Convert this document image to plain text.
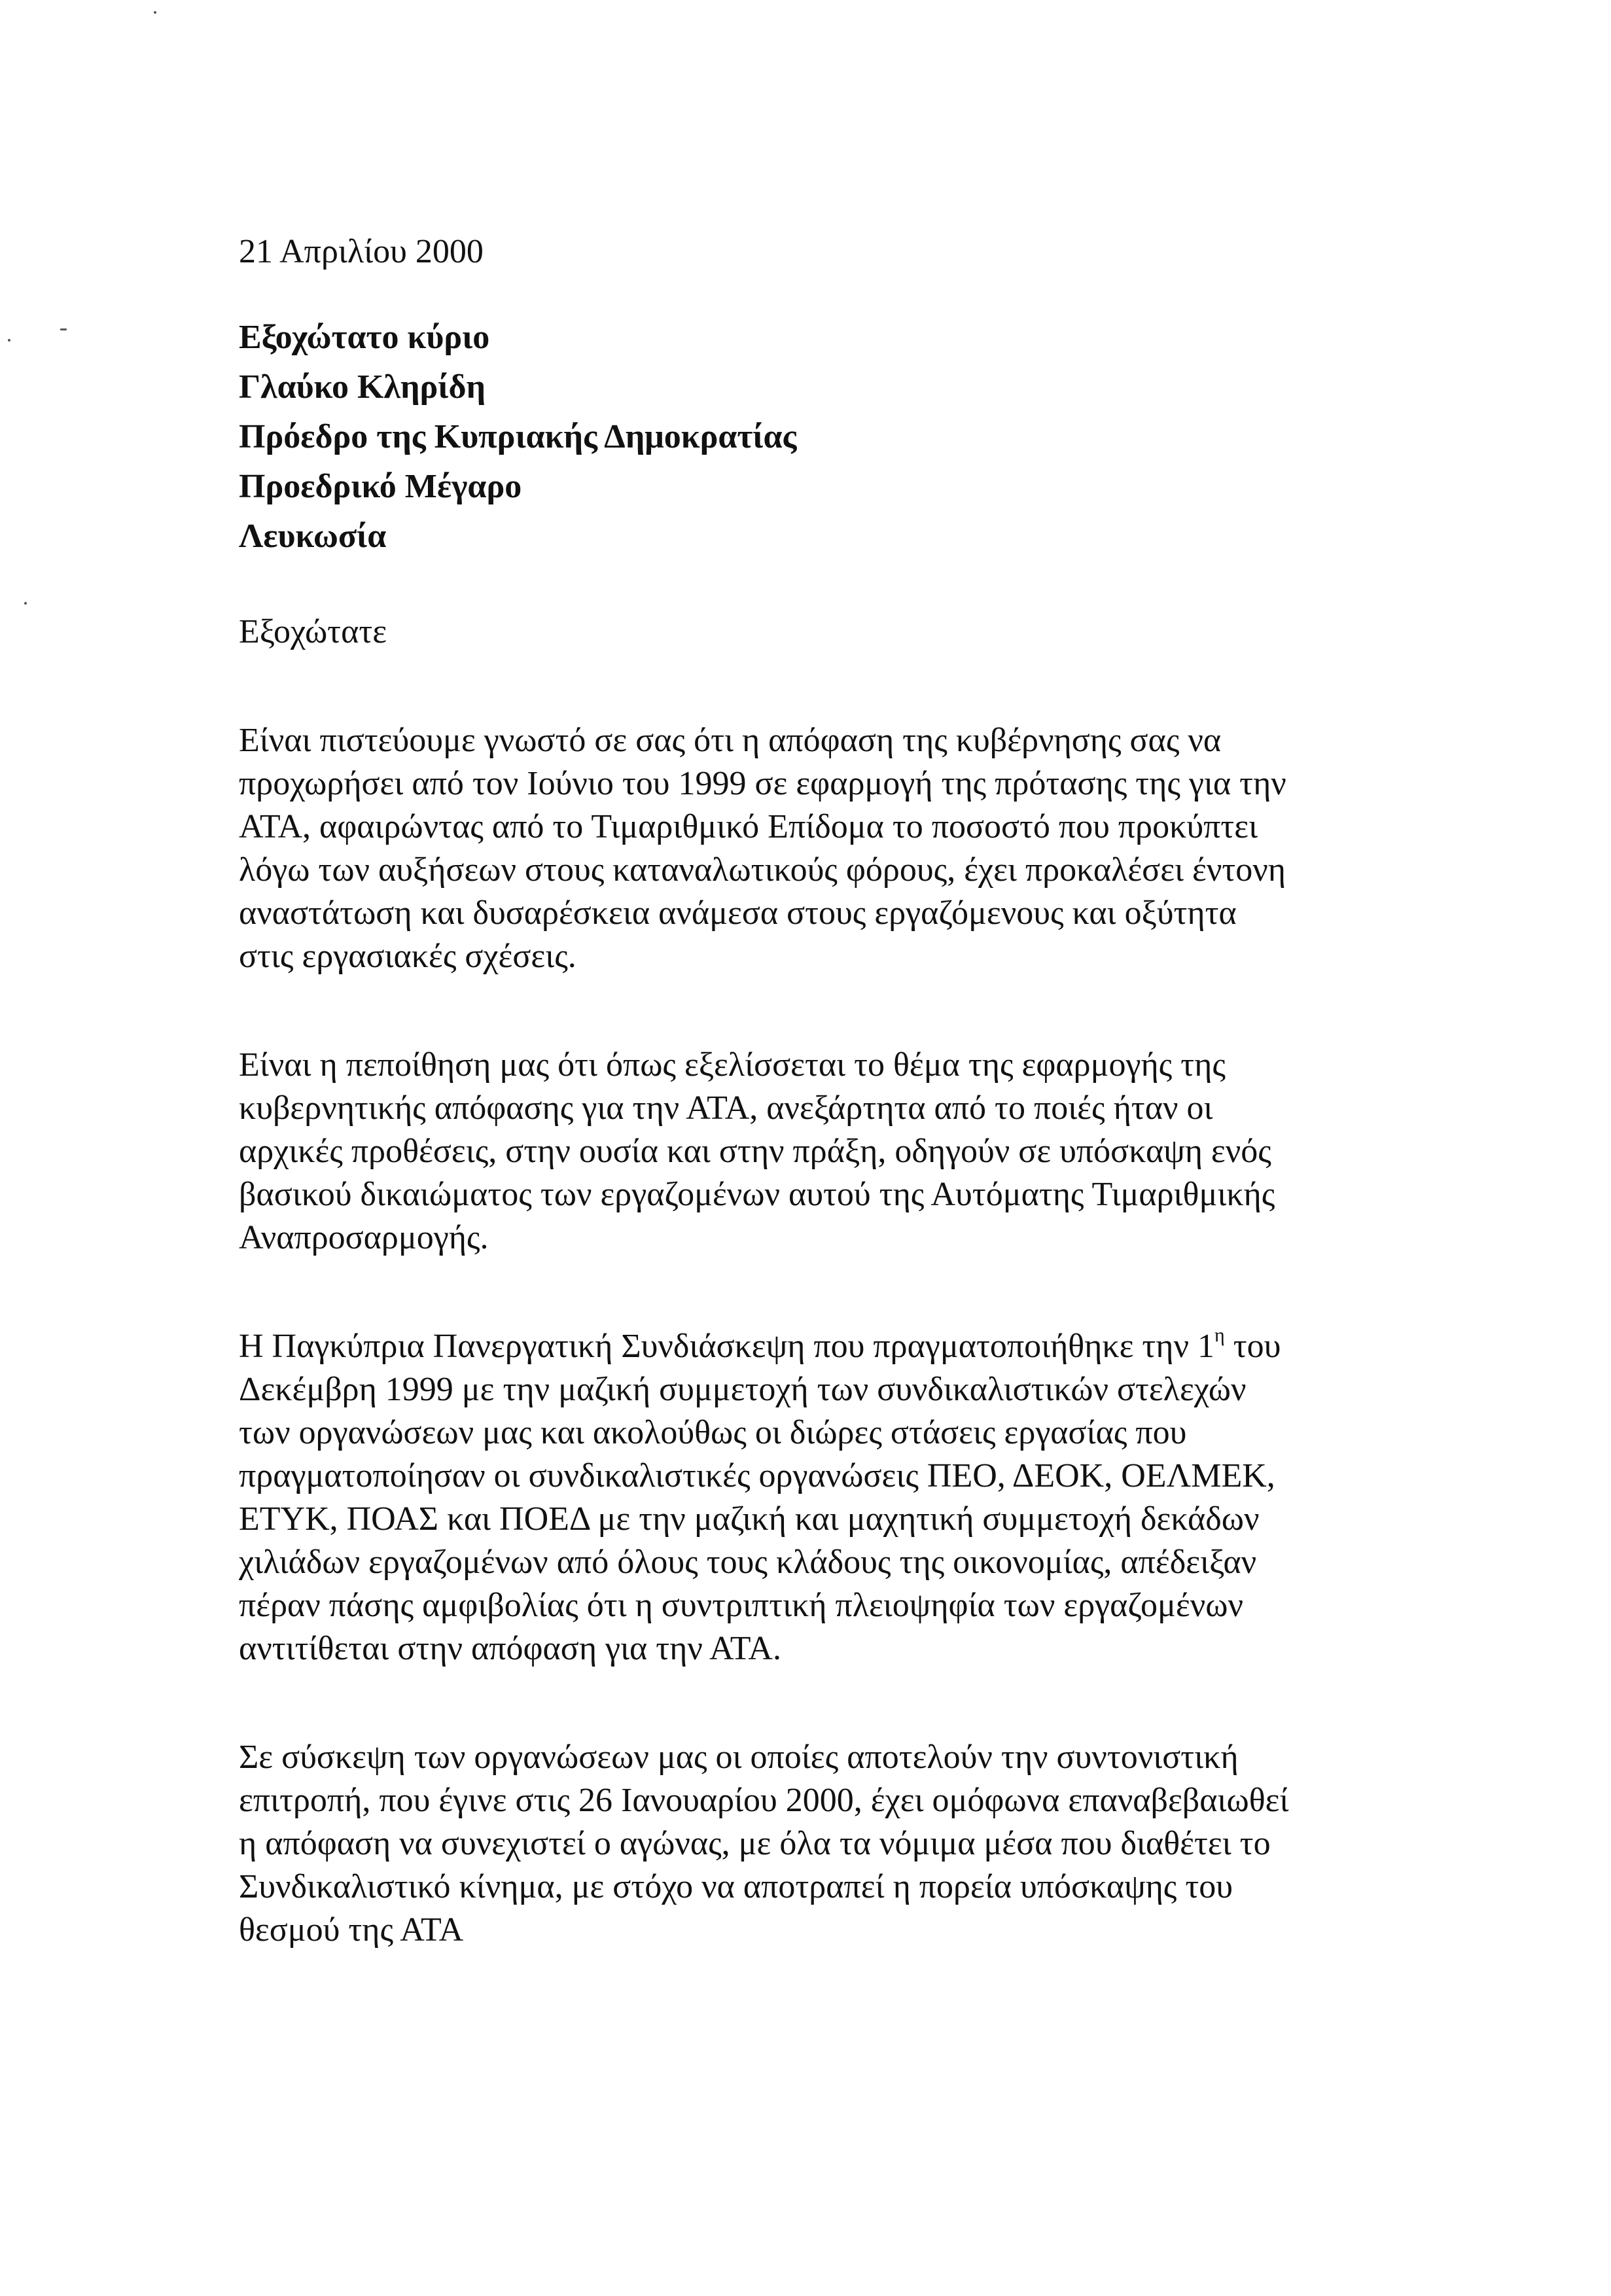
21 Απριλίου 2000

Εξοχώτατο κύριο

Γλαύκο Κληρίδη

Πρόεδρο της Κυπριακής Δημοκρατίας

Προεδρικό Μέγαρο

Λευκωσία

Εξοχώτατε

Είναι πιστεύουμε γνωστό σε σας ότι η απόφαση της κυβέρνησης σας να
προχωρήσει από τον Ιούνιο του 1999 σε εφαρμογή της πρότασης της για την
ΑΤΑ, αφαιρώντας από το Τιμαριθμικό Επίδομα το ποσοστό που προκύπτει
λόγω των αυξήσεων στους καταναλωτικούς φόρους, έχει προκαλέσει έντονη
αναστάτωση και δυσαρέσκεια ανάμεσα στους εργαζόμενους και οξύτητα
στις εργασιακές σχέσεις.

Είναι η πεποίθηση μας ότι όπως εξελίσσεται το θέμα της εφαρμογής της
κυβερνητικής απόφασης για την ΑΤΑ, ανεξάρτητα από το ποιές ήταν οι
αρχικές προθέσεις, στην ουσία και στην πράξη, οδηγούν σε υπόσκαψη ενός
βασικού δικαιώματος των εργαζομένων αυτού της Αυτόματης Τιμαριθμικής
Αναπροσαρμογής.

Η Παγκύπρια Πανεργατική Συνδιάσκεψη που πραγματοποιήθηκε την $1^\eta$ του
Δεκέμβρη 1999 με την μαζική συμμετοχή των συνδικαλιστικών στελεχών
των οργανώσεων μας και ακολούθως οι διώρες στάσεις εργασίας που
πραγματοποίησαν οι συνδικαλιστικές οργανώσεις ΠΕΟ, ΔΕΟΚ, ΟΕΛΜΕΚ,
ΕΤΥΚ, ΠΟΑΣ και ΠΟΕΔ με την μαζική και μαχητική συμμετοχή δεκάδων
χιλιάδων εργαζομένων από όλους τους κλάδους της οικονομίας, απέδειξαν
πέραν πάσης αμφιβολίας ότι η συντριπτική πλειοψηφία των εργαζομένων
αντιτίθεται στην απόφαση για την ΑΤΑ.

Σε σύσκεψη των οργανώσεων μας οι οποίες αποτελούν την συντονιστική
επιτροπή, που έγινε στις 26 Ιανουαρίου 2000, έχει ομόφωνα επαναβεβαιωθεί
η απόφαση να συνεχιστεί ο αγώνας, με όλα τα νόμιμα μέσα που διαθέτει το
Συνδικαλιστικό κίνημα, με στόχο να αποτραπεί η πορεία υπόσκαψης του
θεσμού της ΑΤΑ
